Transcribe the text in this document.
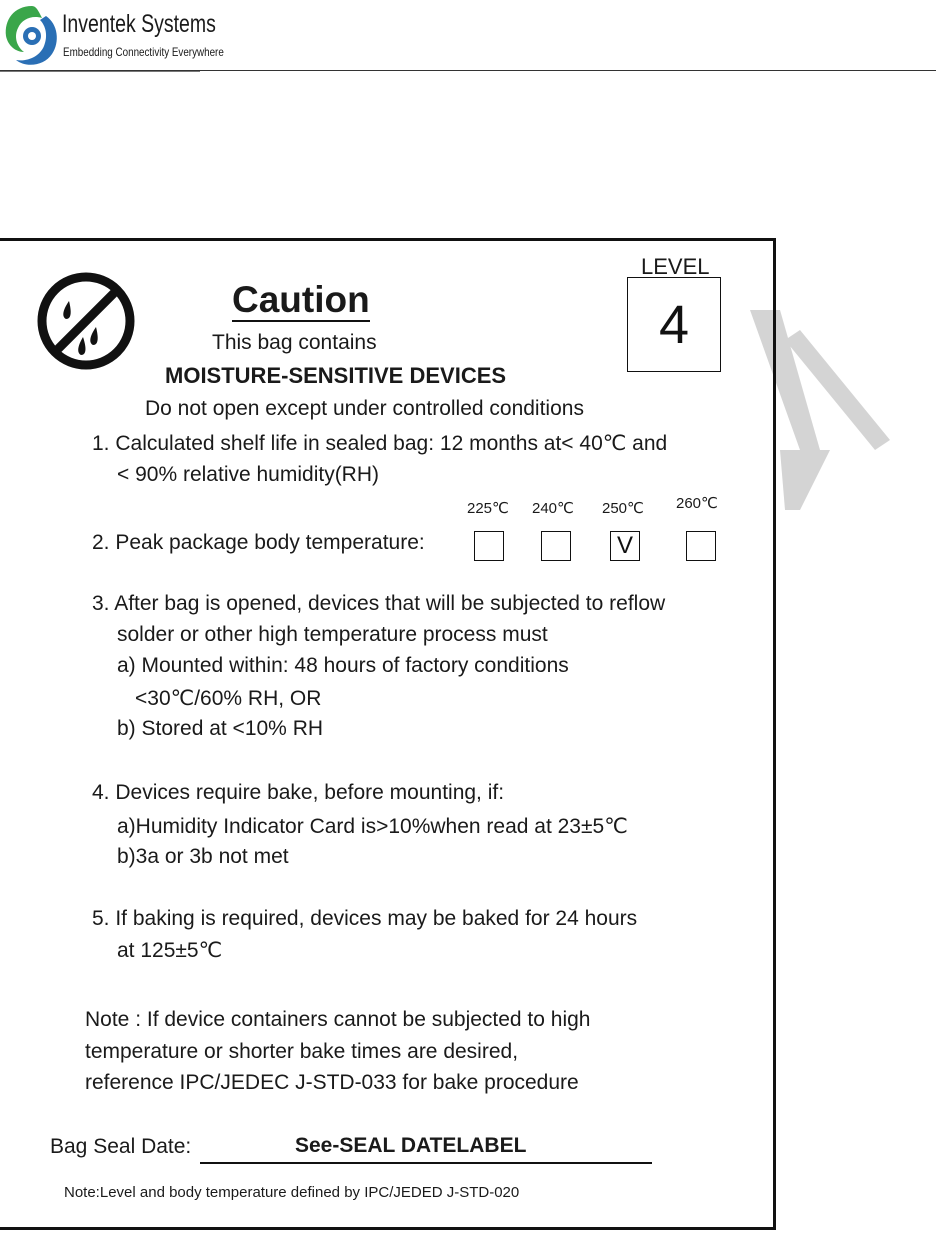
Inventek Systems
Embedding Connectivity Everywhere
Caution
This bag contains
MOISTURE-SENSITIVE DEVICES
Do not open except under controlled conditions
LEVEL
4
1. Calculated shelf life in sealed bag: 12 months at< 40℃ and
< 90% relative humidity(RH)
225℃ 240℃ 250℃ 260℃
2. Peak package body temperature:	V
3. After bag is opened, devices that will be subjected to reflow
solder or other high temperature process must
a) Mounted within: 48 hours of factory conditions
<30℃/60% RH, OR
b) Stored at <10% RH
4. Devices require bake, before mounting, if:
a)Humidity Indicator Card is>10%when read at 23±5℃
b)3a or 3b not met
5. If baking is required, devices may be baked for 24 hours
at 125±5℃
Note : If device containers cannot be subjected to high
temperature or shorter bake times are desired,
reference IPC/JEDEC J-STD-033 for bake procedure
Bag Seal Date:	See-SEAL DATELABEL
Note:Level and body temperature defined by IPC/JEDED J-STD-020
